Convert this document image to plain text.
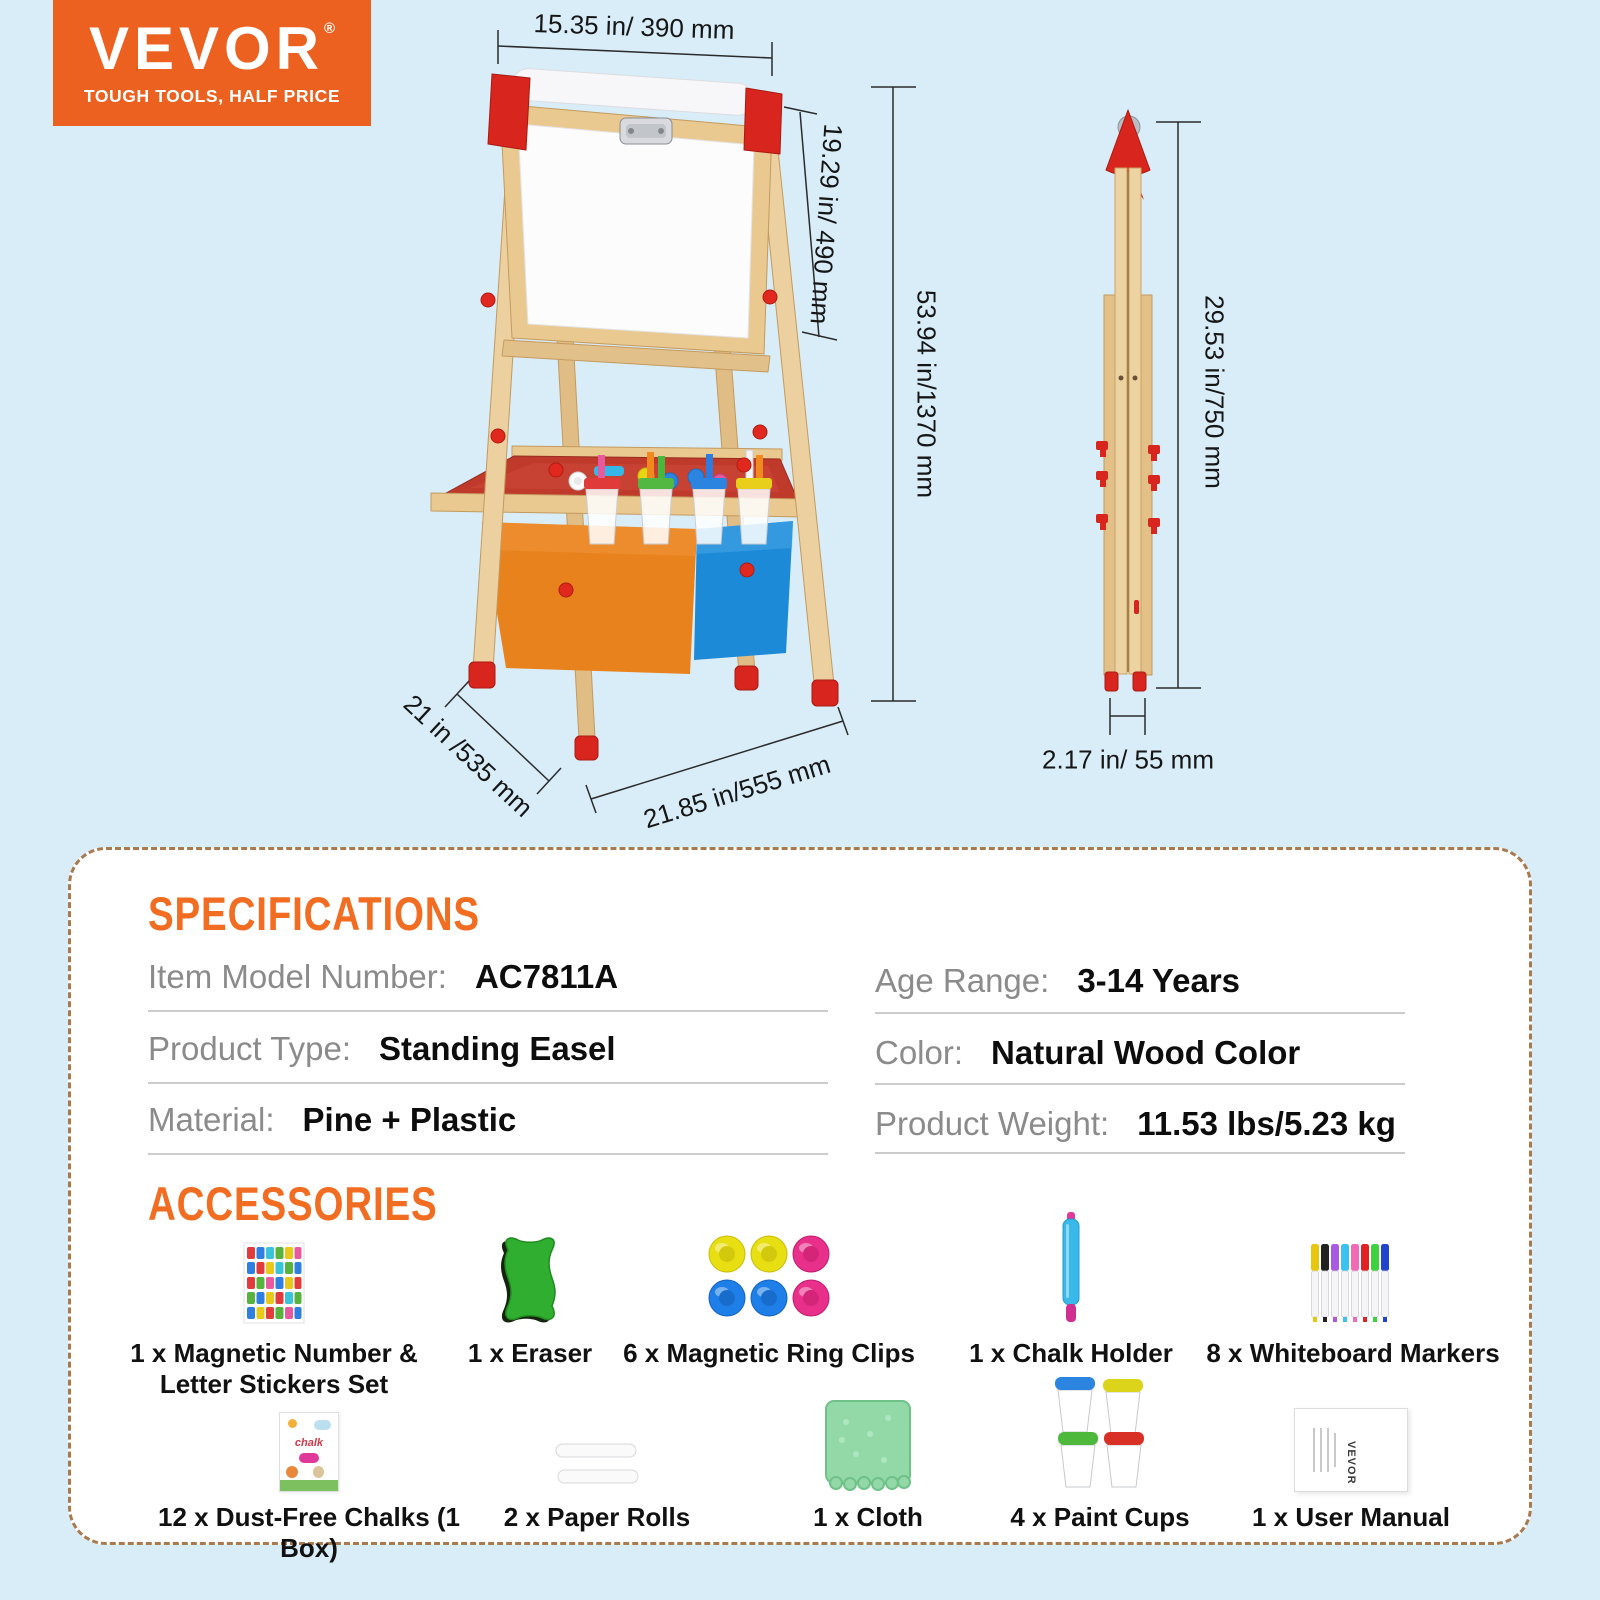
15.35 in/ 390 mm
19.29 in/ 490 mm
53.94 in/1370 mm	29.53 in/750 mm
21 in /535 mm	21.85 in/555 mm	2.17 in/ 55 mm
VEVOR ®
TOUGH TOOLS, HALF PRICE
SPECIFICATIONS
Item Model Number: AC7811A
Product Type: Standing Easel
Material: Pine + Plastic
Age Range: 3-14 Years
Color: Natural Wood Color
Product Weight: 11.53 lbs/5.23 kg
ACCESSORIES
1 x Magnetic Number & Letter Stickers Set
1 x Eraser	6 x Magnetic Ring Clips	1 x Chalk Holder	8 x Whiteboard Markers
chalk
12 x Dust-Free Chalks (1 Box)
2 x Paper Rolls	1 x Cloth	4 x Paint Cups
VEVOR
1 x User Manual
